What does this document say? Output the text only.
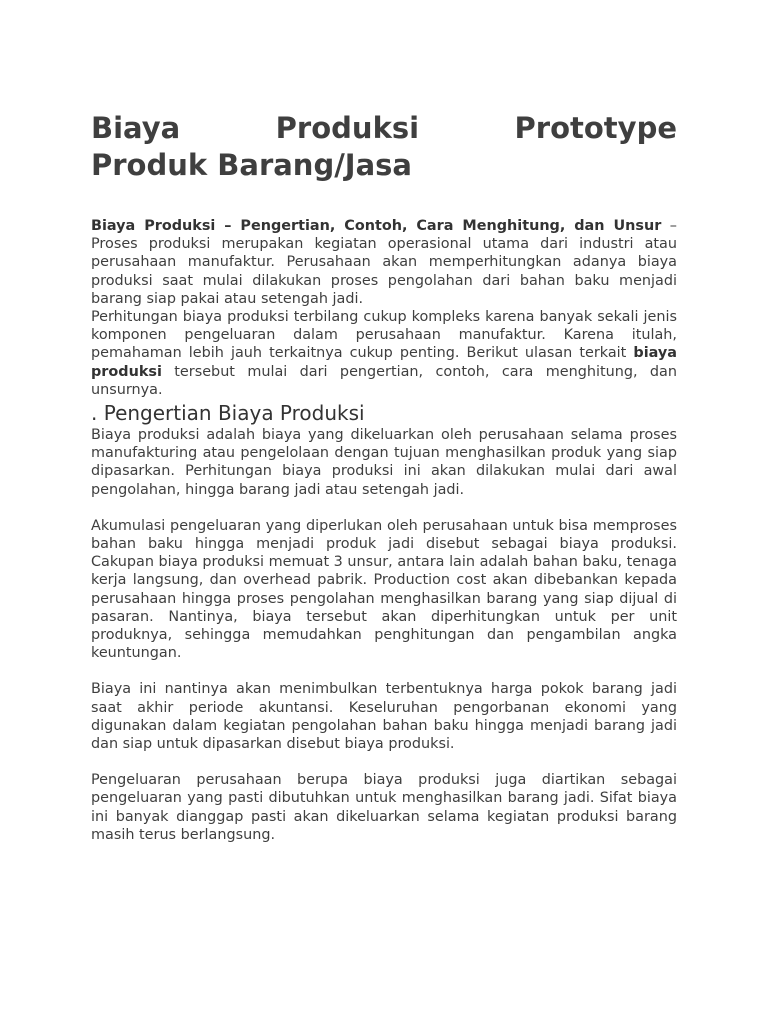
Biaya Produksi Prototype
Produk Barang/Jasa

Biaya Produksi – Pengertian, Contoh, Cara Menghitung, dan Unsur – Proses produksi merupakan kegiatan operasional utama dari industri atau perusahaan manufaktur. Perusahaan akan memperhitungkan adanya biaya produksi saat mulai dilakukan proses pengolahan dari bahan baku menjadi barang siap pakai atau setengah jadi.

Perhitungan biaya produksi terbilang cukup kompleks karena banyak sekali jenis komponen pengeluaran dalam perusahaan manufaktur. Karena itulah, pemahaman lebih jauh terkaitnya cukup penting. Berikut ulasan terkait biaya produksi tersebut mulai dari pengertian, contoh, cara menghitung, dan unsurnya.

. Pengertian Biaya Produksi

Biaya produksi adalah biaya yang dikeluarkan oleh perusahaan selama proses manufakturing atau pengelolaan dengan tujuan menghasilkan produk yang siap dipasarkan. Perhitungan biaya produksi ini akan dilakukan mulai dari awal pengolahan, hingga barang jadi atau setengah jadi.

Akumulasi pengeluaran yang diperlukan oleh perusahaan untuk bisa memproses bahan baku hingga menjadi produk jadi disebut sebagai biaya produksi. Cakupan biaya produksi memuat 3 unsur, antara lain adalah bahan baku, tenaga kerja langsung, dan overhead pabrik. Production cost akan dibebankan kepada perusahaan hingga proses pengolahan menghasilkan barang yang siap dijual di pasaran. Nantinya, biaya tersebut akan diperhitungkan untuk per unit produknya, sehingga memudahkan penghitungan dan pengambilan angka keuntungan.

Biaya ini nantinya akan menimbulkan terbentuknya harga pokok barang jadi saat akhir periode akuntansi. Keseluruhan pengorbanan ekonomi yang digunakan dalam kegiatan pengolahan bahan baku hingga menjadi barang jadi dan siap untuk dipasarkan disebut biaya produksi.

Pengeluaran perusahaan berupa biaya produksi juga diartikan sebagai pengeluaran yang pasti dibutuhkan untuk menghasilkan barang jadi. Sifat biaya ini banyak dianggap pasti akan dikeluarkan selama kegiatan produksi barang masih terus berlangsung.
